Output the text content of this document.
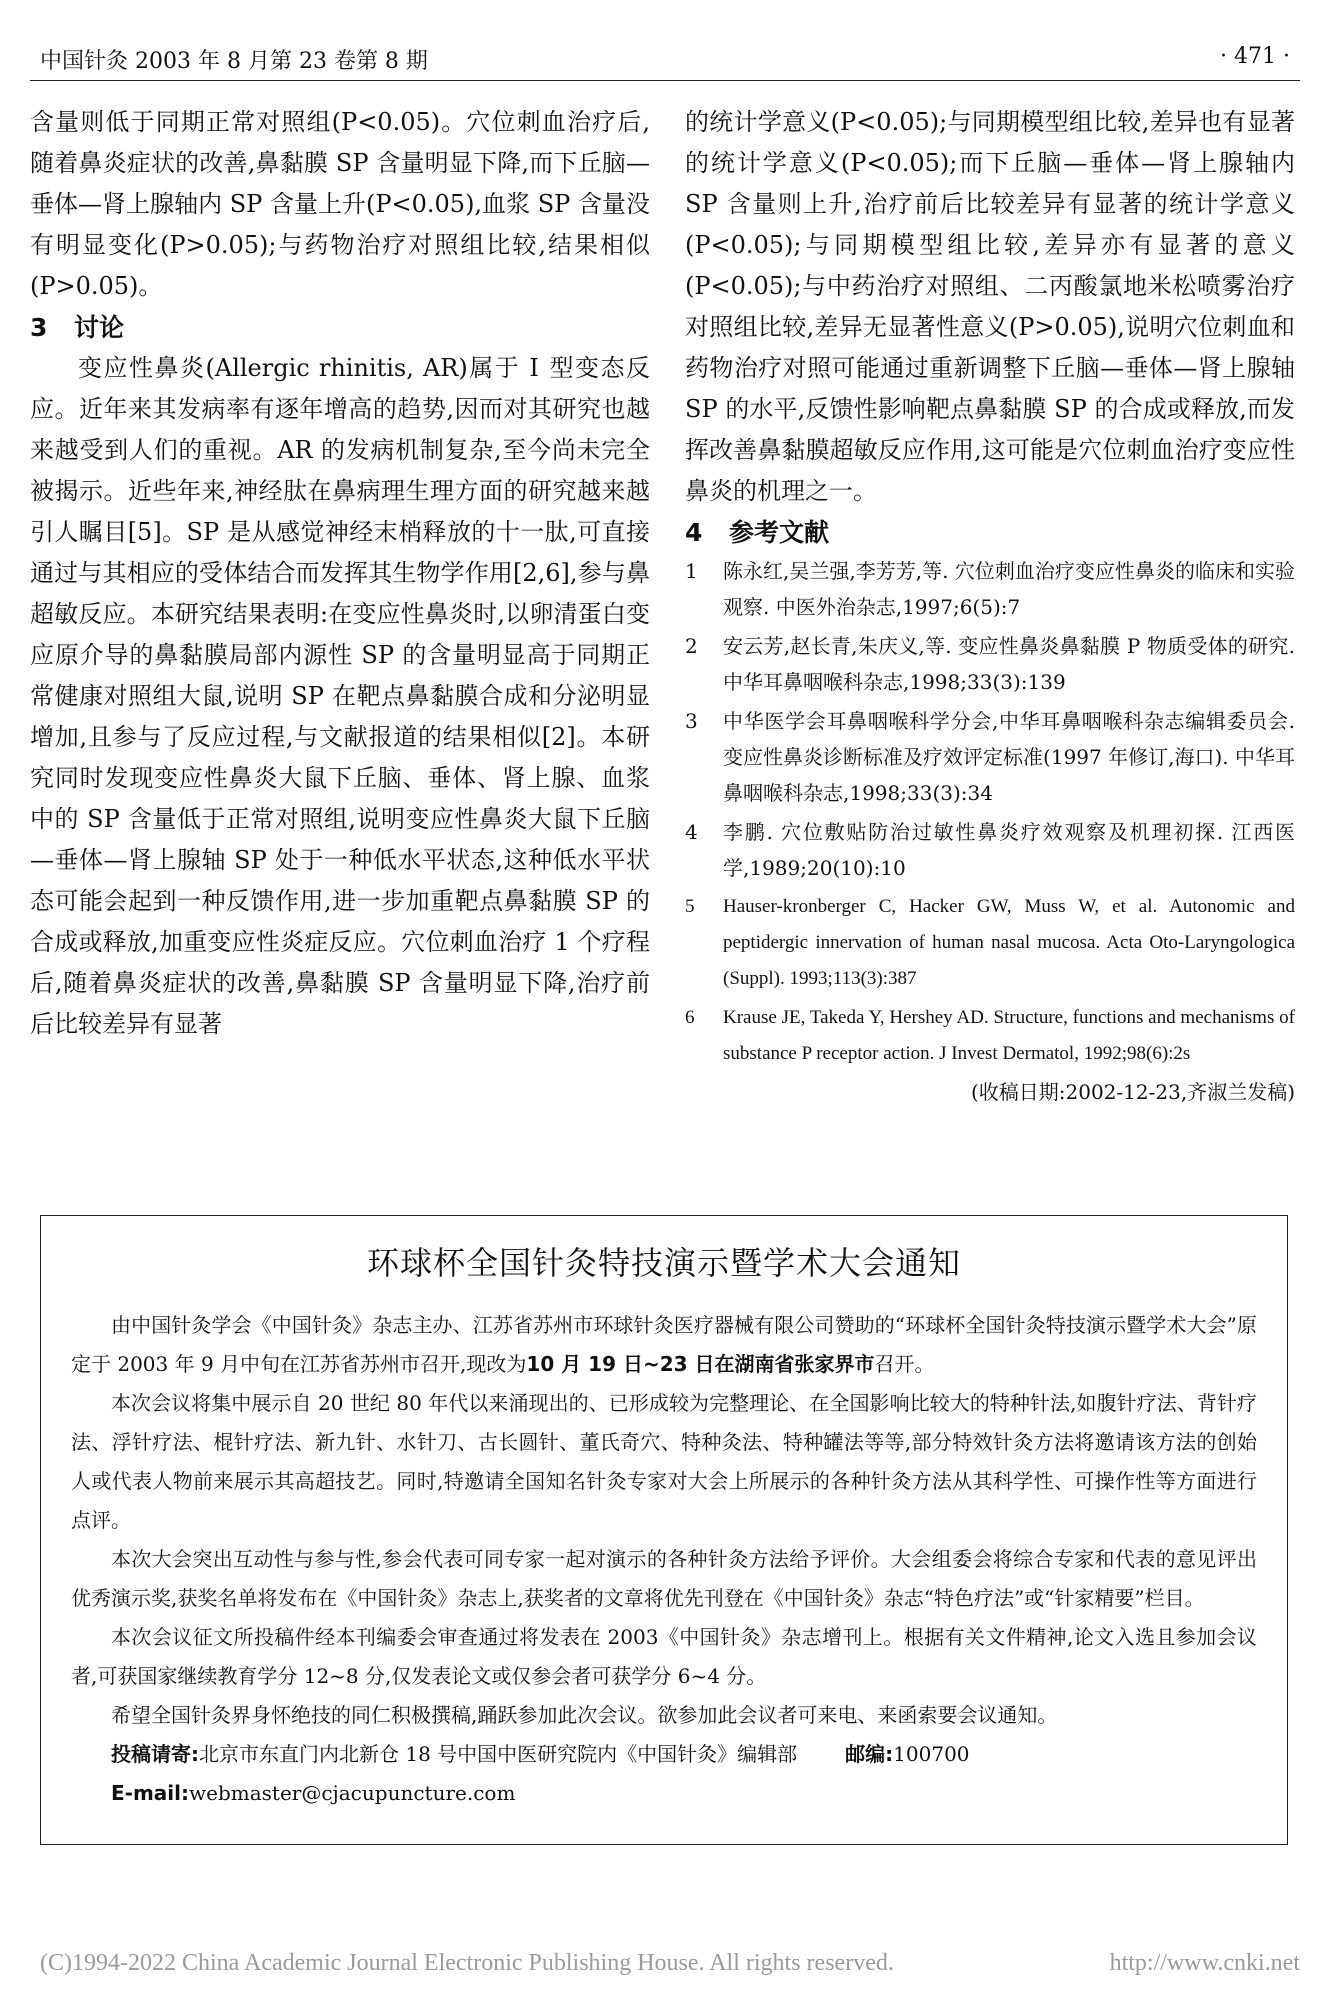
中国针灸 2003 年 8 月第 23 卷第 8 期	· 471 ·

含量则低于同期正常对照组(P<0.05)。穴位刺血治疗后,随着鼻炎症状的改善,鼻黏膜 SP 含量明显下降,而下丘脑—垂体—肾上腺轴内 SP 含量上升(P<0.05),血浆 SP 含量没有明显变化(P>0.05);与药物治疗对照组比较,结果相似(P>0.05)。

3 讨论

变应性鼻炎(Allergic rhinitis, AR)属于 Ⅰ 型变态反应。近年来其发病率有逐年增高的趋势,因而对其研究也越来越受到人们的重视。AR 的发病机制复杂,至今尚未完全被揭示。近些年来,神经肽在鼻病理生理方面的研究越来越引人瞩目[5]。SP 是从感觉神经末梢释放的十一肽,可直接通过与其相应的受体结合而发挥其生物学作用[2,6],参与鼻超敏反应。本研究结果表明:在变应性鼻炎时,以卵清蛋白变应原介导的鼻黏膜局部内源性 SP 的含量明显高于同期正常健康对照组大鼠,说明 SP 在靶点鼻黏膜合成和分泌明显增加,且参与了反应过程,与文献报道的结果相似[2]。本研究同时发现变应性鼻炎大鼠下丘脑、垂体、肾上腺、血浆中的 SP 含量低于正常对照组,说明变应性鼻炎大鼠下丘脑—垂体—肾上腺轴 SP 处于一种低水平状态,这种低水平状态可能会起到一种反馈作用,进一步加重靶点鼻黏膜 SP 的合成或释放,加重变应性炎症反应。穴位刺血治疗 1 个疗程后,随着鼻炎症状的改善,鼻黏膜 SP 含量明显下降,治疗前后比较差异有显著

的统计学意义(P<0.05);与同期模型组比较,差异也有显著的统计学意义(P<0.05);而下丘脑—垂体—肾上腺轴内 SP 含量则上升,治疗前后比较差异有显著的统计学意义(P<0.05);与同期模型组比较,差异亦有显著的意义(P<0.05);与中药治疗对照组、二丙酸氯地米松喷雾治疗对照组比较,差异无显著性意义(P>0.05),说明穴位刺血和药物治疗对照可能通过重新调整下丘脑—垂体—肾上腺轴 SP 的水平,反馈性影响靶点鼻黏膜 SP 的合成或释放,而发挥改善鼻黏膜超敏反应作用,这可能是穴位刺血治疗变应性鼻炎的机理之一。

4 参考文献

1 陈永红,吴兰强,李芳芳,等. 穴位刺血治疗变应性鼻炎的临床和实验观察. 中医外治杂志,1997;6(5):7
2 安云芳,赵长青,朱庆义,等. 变应性鼻炎鼻黏膜 P 物质受体的研究. 中华耳鼻咽喉科杂志,1998;33(3):139
3 中华医学会耳鼻咽喉科学分会,中华耳鼻咽喉科杂志编辑委员会. 变应性鼻炎诊断标准及疗效评定标准(1997 年修订,海口). 中华耳鼻咽喉科杂志,1998;33(3):34
4 李鹏. 穴位敷贴防治过敏性鼻炎疗效观察及机理初探. 江西医学,1989;20(10):10
5 Hauser-kronberger C, Hacker GW, Muss W, et al. Autonomic and peptidergic innervation of human nasal mucosa. Acta Oto-Laryngologica (Suppl). 1993;113(3):387
6 Krause JE, Takeda Y, Hershey AD. Structure, functions and mechanisms of substance P receptor action. J Invest Dermatol, 1992;98(6):2s

(收稿日期:2002-12-23,齐淑兰发稿)

环球杯全国针灸特技演示暨学术大会通知

由中国针灸学会《中国针灸》杂志主办、江苏省苏州市环球针灸医疗器械有限公司赞助的“环球杯全国针灸特技演示暨学术大会”原定于 2003 年 9 月中旬在江苏省苏州市召开,现改为10 月 19 日~23 日在湖南省张家界市召开。

本次会议将集中展示自 20 世纪 80 年代以来涌现出的、已形成较为完整理论、在全国影响比较大的特种针法,如腹针疗法、背针疗法、浮针疗法、棍针疗法、新九针、水针刀、古长圆针、董氏奇穴、特种灸法、特种罐法等等,部分特效针灸方法将邀请该方法的创始人或代表人物前来展示其高超技艺。同时,特邀请全国知名针灸专家对大会上所展示的各种针灸方法从其科学性、可操作性等方面进行点评。

本次大会突出互动性与参与性,参会代表可同专家一起对演示的各种针灸方法给予评价。大会组委会将综合专家和代表的意见评出优秀演示奖,获奖名单将发布在《中国针灸》杂志上,获奖者的文章将优先刊登在《中国针灸》杂志“特色疗法”或“针家精要”栏目。

本次会议征文所投稿件经本刊编委会审查通过将发表在 2003《中国针灸》杂志增刊上。根据有关文件精神,论文入选且参加会议者,可获国家继续教育学分 12~8 分,仅发表论文或仅参会者可获学分 6~4 分。

希望全国针灸界身怀绝技的同仁积极撰稿,踊跃参加此次会议。欲参加此会议者可来电、来函索要会议通知。

投稿请寄:北京市东直门内北新仓 18 号中国中医研究院内《中国针灸》编辑部 邮编:100700

E-mail:webmaster@cjacupuncture.com

(C)1994-2022 China Academic Journal Electronic Publishing House. All rights reserved.	http://www.cnki.net
